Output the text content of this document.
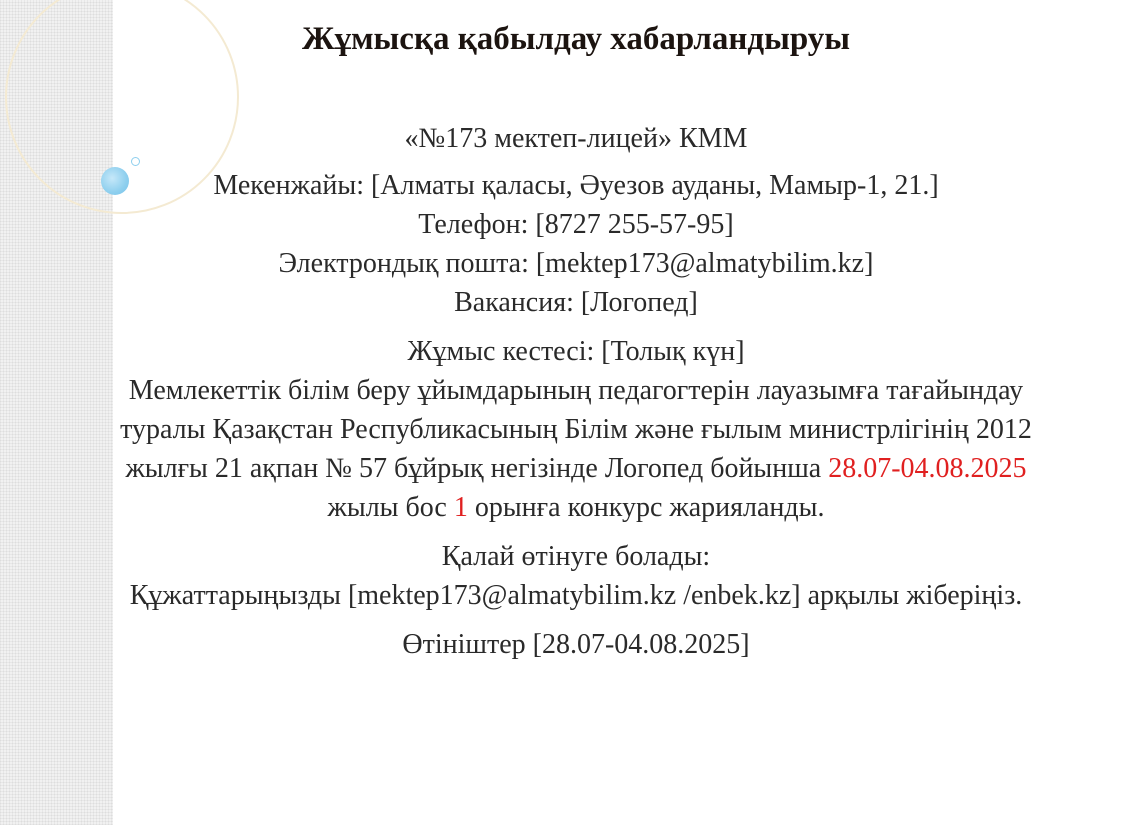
Жұмысқа қабылдау хабарландыруы
«№173 мектеп-лицей» КММ
Мекенжайы: [Алматы қаласы, Әуезов ауданы, Мамыр-1, 21.]
Телефон: [8727 255-57-95]
Электрондық пошта: [mektep173@almatybilim.kz]
Вакансия: [Логопед]
Жұмыс кестесі: [Толық күн]
Мемлекеттік білім беру ұйымдарының педагогтерін лауазымға тағайындау
туралы Қазақстан Республикасының Білім және ғылым министрлігінің 2012
жылғы 21 ақпан № 57 бұйрық негізінде Логопед бойынша 28.07-04.08.2025
жылы бос 1 орынға конкурс жарияланды.
Қалай өтінуге болады:
Құжаттарыңызды [mektep173@almatybilim.kz /enbek.kz] арқылы жіберіңіз.
Өтініштер [28.07-04.08.2025]
